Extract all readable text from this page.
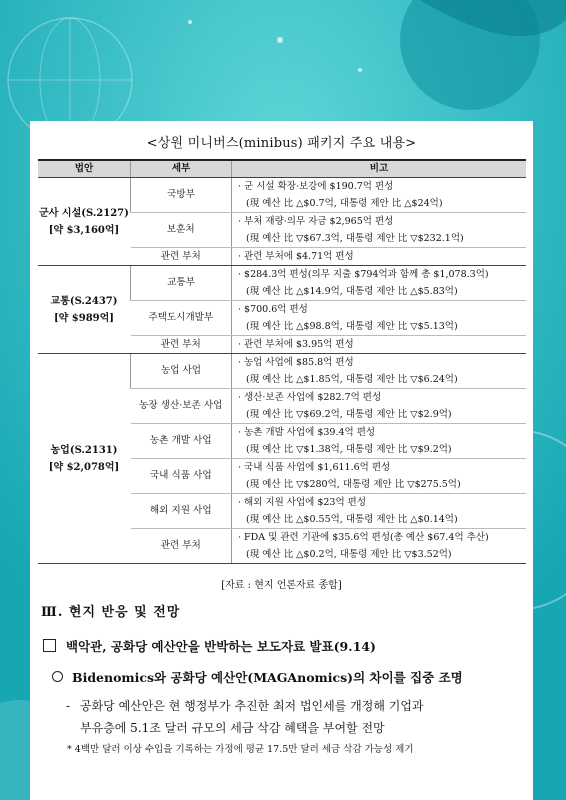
<상원 미니버스(minibus) 패키지 주요 내용>
법안	세부	비고
군사 시설(S.2127)
[약 $3,160억]	국방부	· 군 시설 확장·보강에 $190.7억 편성
(現 예산 比 △$0.7억, 대통령 제안 比 △$24억)

	보훈처	· 부처 재량·의무 자금 $2,965억 편성
(現 예산 比 ▽$67.3억, 대통령 제안 比 ▽$232.1억)

	관련 부처	· 관련 부처에 $4.71억 편성

교통(S.2437)
[약 $989억]	교통부	· $284.3억 편성(의무 지출 $794억과 함께 총 $1,078.3억)
(現 예산 比 △$14.9억, 대통령 제안 比 △$5.83억)

	주택도시개발부	· $700.6억 편성
(現 예산 比 △$98.8억, 대통령 제안 比 ▽$5.13억)

	관련 부처	· 관련 부처에 $3.95억 편성

농업(S.2131)
[약 $2,078억]	농업 사업	· 농업 사업에 $85.8억 편성
(現 예산 比 △$1.85억, 대통령 제안 比 ▽$6.24억)

	농장 생산·보존 사업	· 생산·보존 사업에 $282.7억 편성
(現 예산 比 ▽$69.2억, 대통령 제안 比 ▽$2.9억)

	농촌 개발 사업	· 농촌 개발 사업에 $39.4억 편성
(現 예산 比 ▽$1.38억, 대통령 제안 比 ▽$9.2억)

	국내 식품 사업	· 국내 식품 사업에 $1,611.6억 편성
(現 예산 比 ▽$280억, 대통령 제안 比 ▽$275.5억)

	해외 지원 사업	· 해외 지원 사업에 $23억 편성
(現 예산 比 △$0.55억, 대통령 제안 比 △$0.14억)

	관련 부처	· FDA 및 관련 기관에 $35.6억 편성(총 예산 $67.4억 추산)
(現 예산 比 △$0.2억, 대통령 제안 比 ▽$3.52억)
[자료 : 현지 언론자료 종합]
Ⅲ. 현지 반응 및 전망
백악관, 공화당 예산안을 반박하는 보도자료 발표(9.14)
Bidenomics와 공화당 예산안(MAGAnomics)의 차이를 집중 조명
- 공화당 예산안은 현 행정부가 추진한 최저 법인세를 개정해 기업과
부유층에 5.1조 달러 규모의 세금 삭감 혜택을 부여할 전망
* 4백만 달러 이상 수입을 기록하는 가정에 평균 17.5만 달러 세금 삭감 가능성 제기
